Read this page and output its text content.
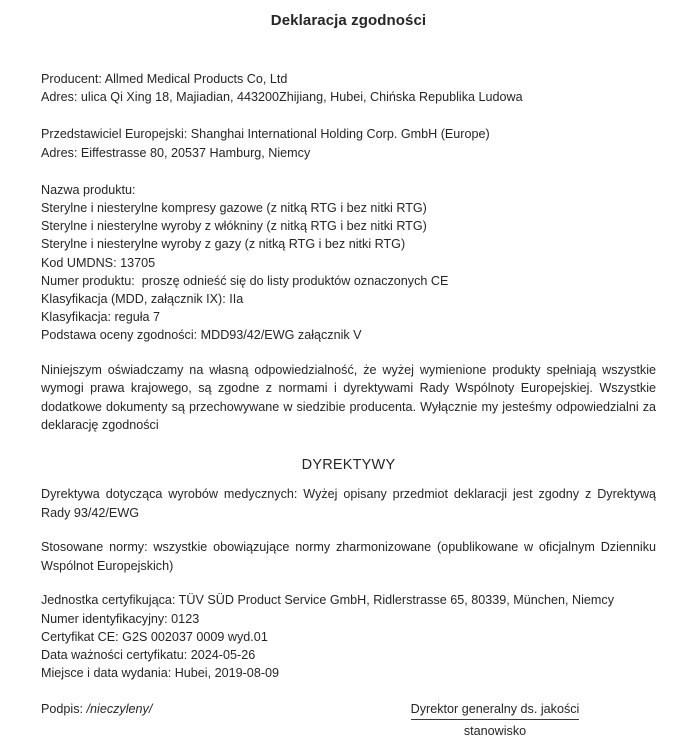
Deklaracja zgodności
Producent: Allmed Medical Products Co, Ltd
Adres: ulica Qi Xing 18, Majiadian, 443200Zhijiang, Hubei, Chińska Republika Ludowa
Przedstawiciel Europejski: Shanghai International Holding Corp. GmbH (Europe)
Adres: Eiffestrasse 80, 20537 Hamburg, Niemcy
Nazwa produktu:
Sterylne i niesterylne kompresy gazowe (z nitką RTG i bez nitki RTG)
Sterylne i niesterylne wyroby z włókniny (z nitką RTG i bez nitki RTG)
Sterylne i niesterylne wyroby z gazy (z nitką RTG i bez nitki RTG)
Kod UMDNS: 13705
Numer produktu:  proszę odnieść się do listy produktów oznaczonych CE
Klasyfikacja (MDD, załącznik IX): IIa
Klasyfikacja: reguła 7
Podstawa oceny zgodności: MDD93/42/EWG załącznik V

Niniejszym oświadczamy na własną odpowiedzialność, że wyżej wymienione produkty spełniają wszystkie wymogi prawa krajowego, są zgodne z normami i dyrektywami Rady Wspólnoty Europejskiej. Wszystkie dodatkowe dokumenty są przechowywane w siedzibie producenta. Wyłącznie my jesteśmy odpowiedzialni za deklarację zgodności

DYREKTYWY

Dyrektywa dotycząca wyrobów medycznych: Wyżej opisany przedmiot deklaracji jest zgodny z Dyrektywą Rady 93/42/EWG

Stosowane normy: wszystkie obowiązujące normy zharmonizowane (opublikowane w oficjalnym Dzienniku Wspólnot Europejskich)

Jednostka certyfikująca: TÜV SÜD Product Service GmbH, Ridlerstrasse 65, 80339, München, Niemcy
Numer identyfikacyjny: 0123
Certyfikat CE: G2S 002037 0009 wyd.01
Data ważności certyfikatu: 2024-05-26
Miejsce i data wydania: Hubei, 2019-08-09
Podpis: /nieczyleny/	Dyrektor generalny ds. jakości
stanowisko
